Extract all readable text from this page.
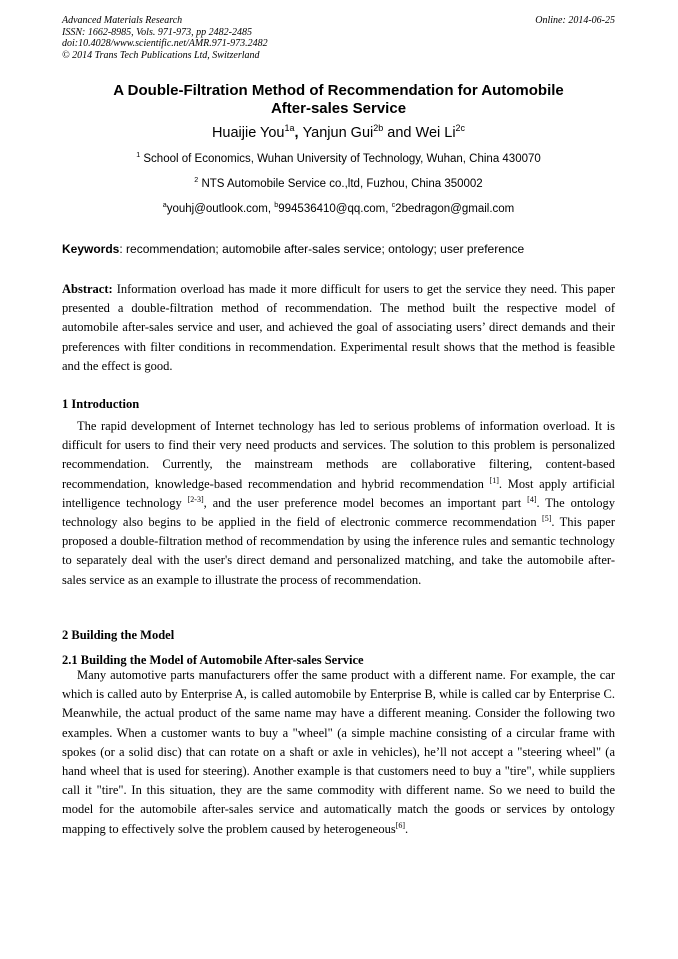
Advanced Materials Research
ISSN: 1662-8985, Vols. 971-973, pp 2482-2485
doi:10.4028/www.scientific.net/AMR.971-973.2482
© 2014 Trans Tech Publications Ltd, Switzerland
Online: 2014-06-25
A Double-Filtration Method of Recommendation for Automobile
After-sales Service
Huaijie You$^{1a}$, Yanjun Gui$^{2b}$ and Wei $Li^{2c}$
$^1$ School of Economics, Wuhan University of Technology, Wuhan, China 430070
$^2$ NTS Automobile Service co.,ltd, Fuzhou, China 350002
$^a$youhj@outlook.com, $^b$994536410@qq.com, $^c$2bedragon@gmail.com
Keywords: recommendation; automobile after-sales service; ontology; user preference

Abstract: Information overload has made it more difficult for users to get the service they need. This paper presented a double-filtration method of recommendation. The method built the respective model of automobile after-sales service and user, and achieved the goal of associating users’ direct demands and their preferences with filter conditions in recommendation. Experimental result shows that the method is feasible and the effect is good.

1 Introduction

The rapid development of Internet technology has led to serious problems of information overload. It is difficult for users to find their very need products and services. The solution to this problem is personalized recommendation. Currently, the mainstream methods are collaborative filtering, content-based recommendation, knowledge-based recommendation and hybrid recommendation [1]. Most apply artificial intelligence technology [2-3], and the user preference model becomes an important part [4]. The ontology technology also begins to be applied in the field of electronic commerce recommendation [5]. This paper proposed a double-filtration method of recommendation by using the inference rules and semantic technology to separately deal with the user's direct demand and personalized matching, and take the automobile after-sales service as an example to illustrate the process of recommendation.

2 Building the Model
2.1 Building the Model of Automobile After-sales Service

Many automotive parts manufacturers offer the same product with a different name. For example, the car which is called auto by Enterprise A, is called automobile by Enterprise B, while is called car by Enterprise C. Meanwhile, the actual product of the same name may have a different meaning. Consider the following two examples. When a customer wants to buy a "wheel" (a simple machine consisting of a circular frame with spokes (or a solid disc) that can rotate on a shaft or axle in vehicles), he’ll not accept a "steering wheel" (a hand wheel that is used for steering). Another example is that customers need to buy a "tire", while suppliers call it "tire". In this situation, they are the same commodity with different name. So we need to build the model for the automobile after-sales service and automatically match the goods or services by ontology mapping to effectively solve the problem caused by heterogeneous[6].
